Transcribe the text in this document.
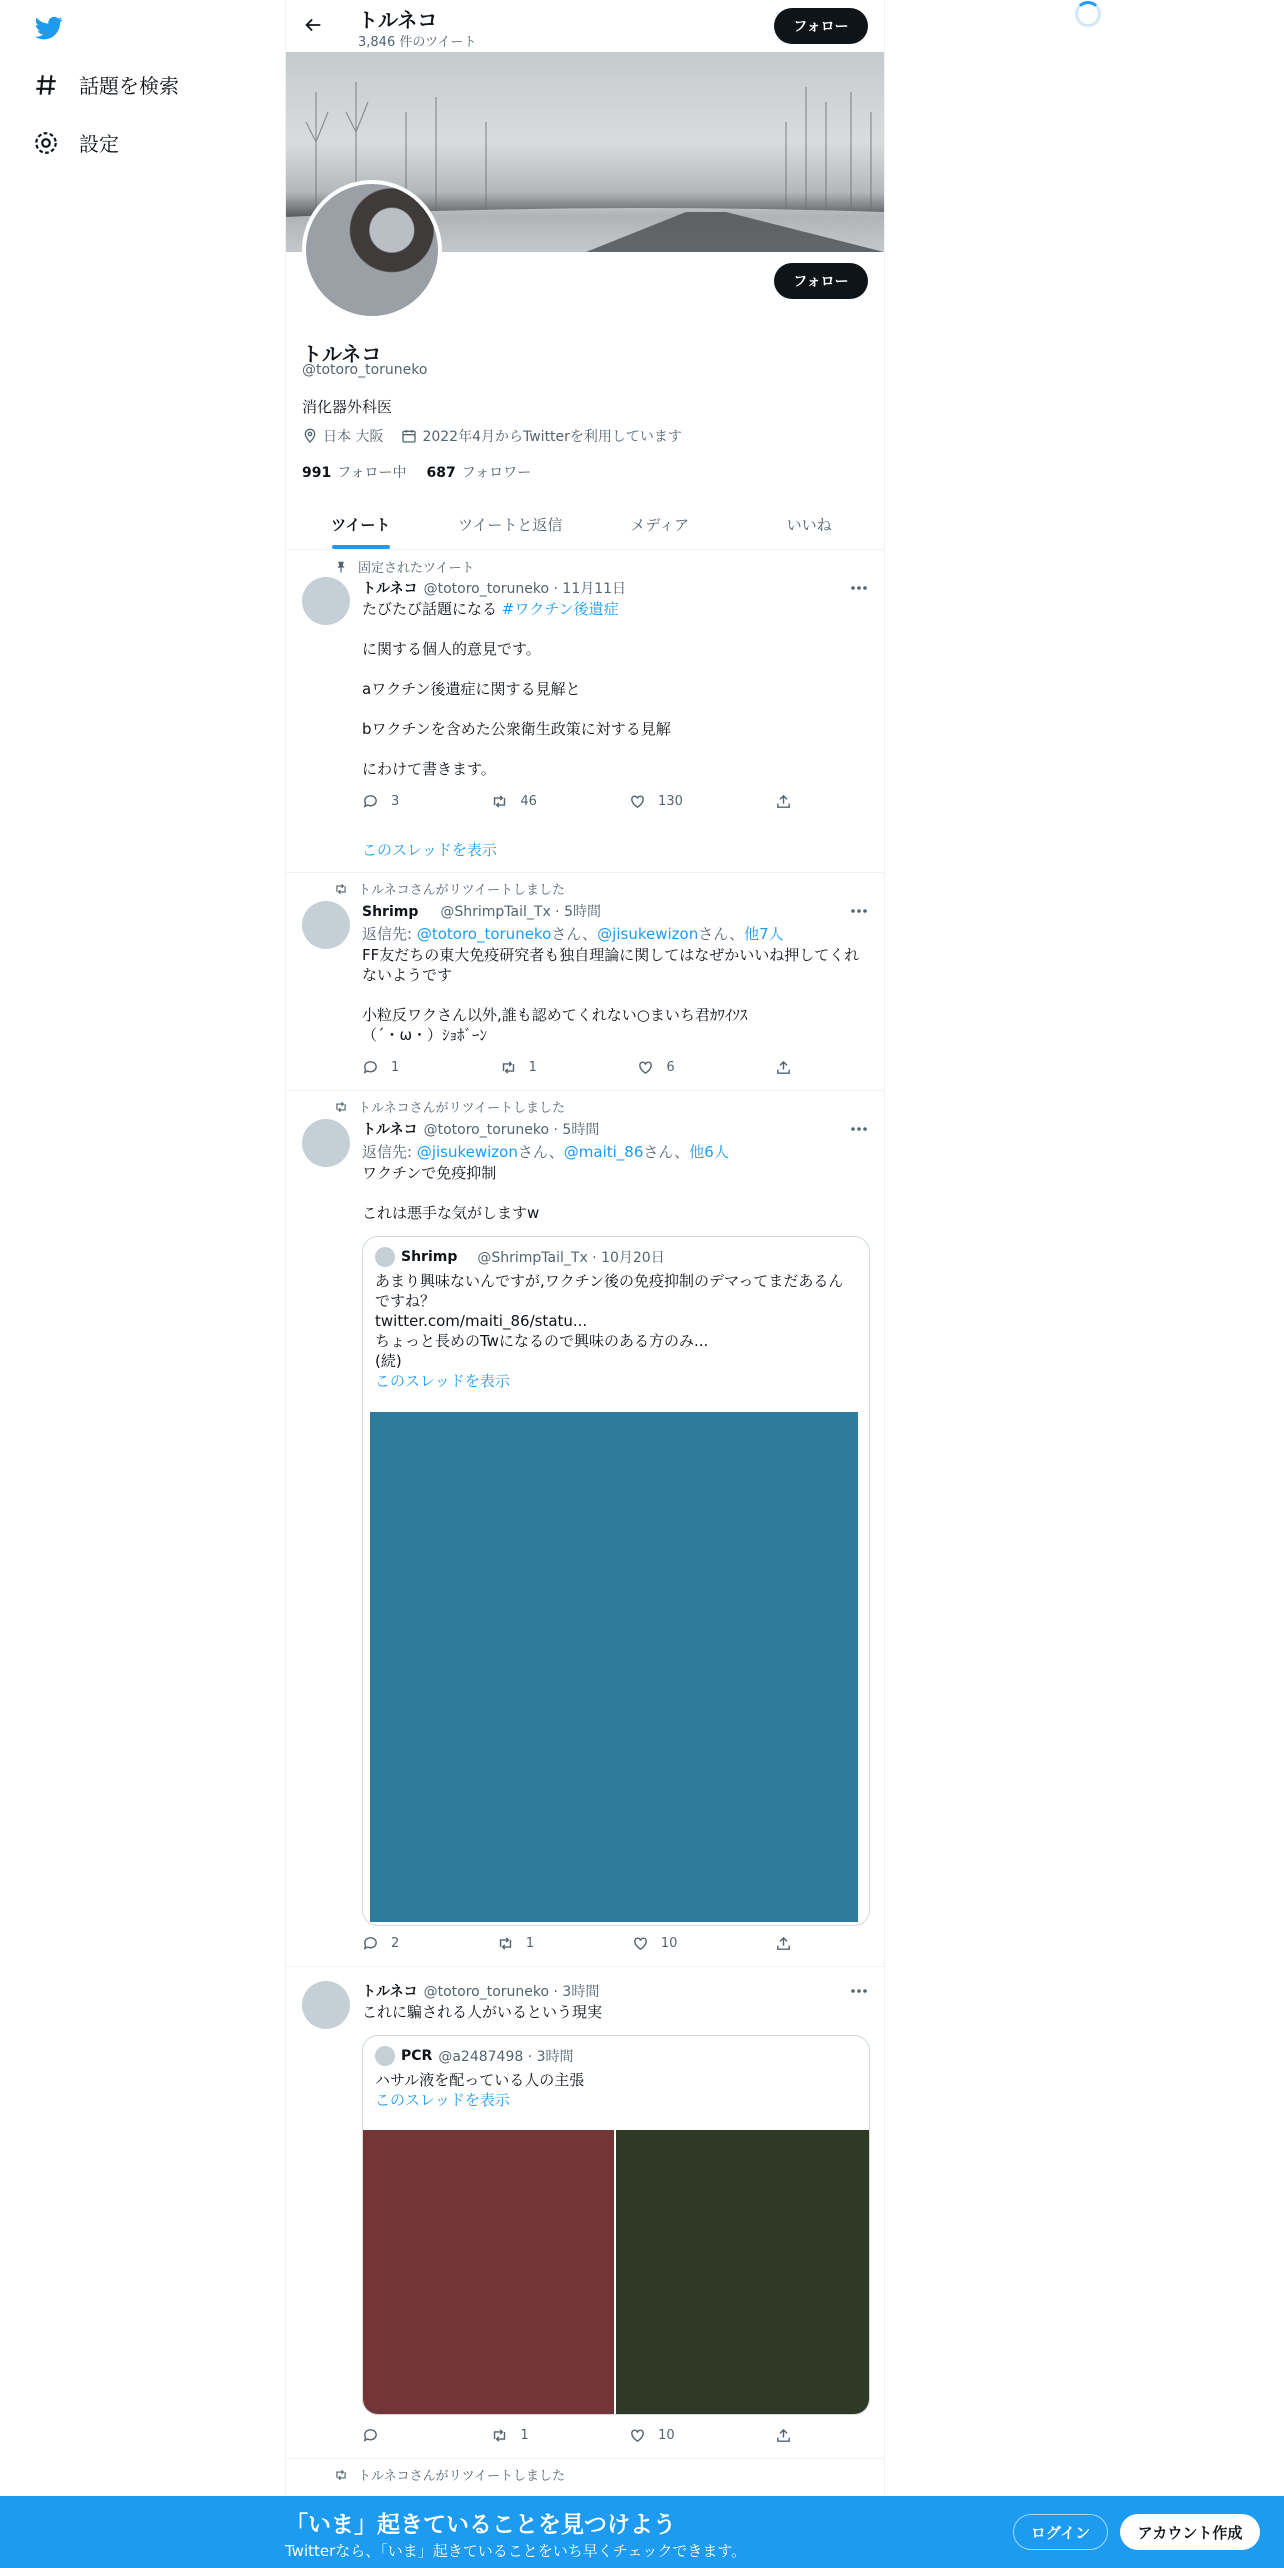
話題を検索
設定
トルネコ
3,846 件のツイート
フォロー
フォロー
トルネコ
@totoro_toruneko
消化器外科医
日本 大阪	2022年4月からTwitterを利用しています
991 フォロー中 687 フォロワー
ツイート	ツイートと返信	メディア	いいね
固定されたツイート
トルネコ @totoro_toruneko · 11月11日

たびたび話題になる #ワクチン後遺症

に関する個人的意見です。

aワクチン後遺症に関する見解と

bワクチンを含めた公衆衛生政策に対する見解

にわけて書きます。

3	46	130
このスレッドを表示
トルネコさんがリツイートしました
Shrimp @ShrimpTail_Tx · 5時間
返信先: @totoro_torunekoさん、@jisukewizonさん、他7人

FF友だちの東大免疫研究者も独自理論に関してはなぜかいいね押してくれないようです

小粒反ワクさん以外,誰も認めてくれない○まいち君ｶﾜｲｿｽ
（´・ω・）ｼｮﾎﾞｰﾝ
1	1	6
トルネコさんがリツイートしました
トルネコ @totoro_toruneko · 5時間
返信先: @jisukewizonさん、@maiti_86さん、他6人

ワクチンで免疫抑制

これは悪手な気がしますw

Shrimp @ShrimpTail_Tx · 10月20日
あまり興味ないんですが,ワクチン後の免疫抑制のデマってまだあるんですね？
twitter.com/maiti_86/statu...
ちょっと長めのTwになるので興味のある方のみ...
(続)
このスレッドを表示
2	1	10
トルネコ @totoro_toruneko · 3時間

これに騙される人がいるという現実

PCR @a2487498 · 3時間
ハサル液を配っている人の主張
このスレッドを表示
1	10
トルネコさんがリツイートしました
「いま」起きていることを見つけよう
Twitterなら、「いま」起きていることをいち早くチェックできます。
ログイン	アカウント作成
